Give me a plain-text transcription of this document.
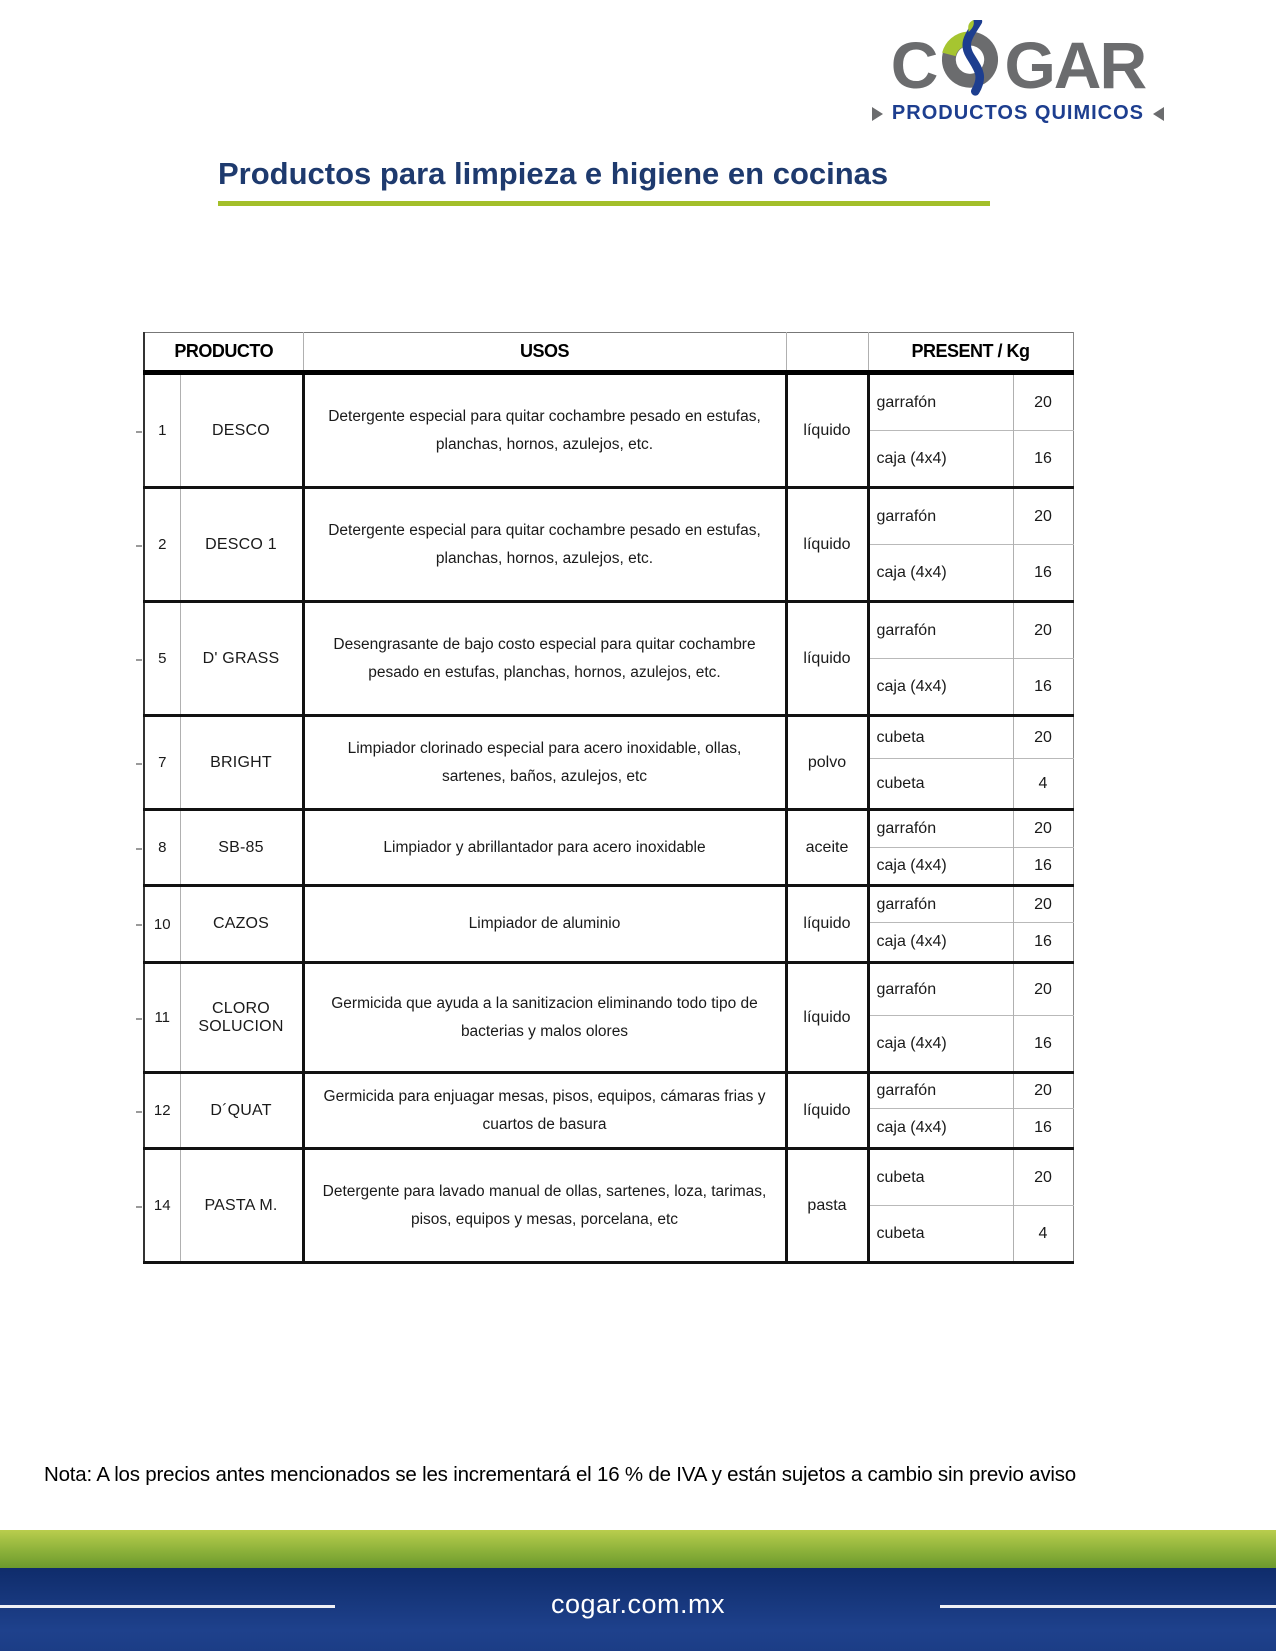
C GAR
PRODUCTOS QUIMICOS
Productos para limpieza e higiene en cocinas
PRODUCTO		USOS		PRESENT / Kg	
1	DESCO	Detergente especial para quitar cochambre pesado en estufas, planchas, hornos, azulejos, etc.	líquido	garrafón	20
				caja (4x4)	16
2	DESCO 1	Detergente especial para quitar cochambre pesado en estufas, planchas, hornos, azulejos, etc.	líquido	garrafón	20
				caja (4x4)	16
5	D' GRASS	Desengrasante de bajo costo especial para quitar cochambre pesado en estufas, planchas, hornos, azulejos, etc.	líquido	garrafón	20
				caja (4x4)	16
7	BRIGHT	Limpiador clorinado especial para acero inoxidable, ollas, sartenes, baños, azulejos, etc	polvo	cubeta	20
				cubeta	4
8	SB-85	Limpiador y abrillantador para acero inoxidable	aceite	garrafón	20
				caja (4x4)	16
10	CAZOS	Limpiador de aluminio	líquido	garrafón	20
				caja (4x4)	16
11	CLORO SOLUCION	Germicida que ayuda a la sanitizacion eliminando todo tipo de bacterias y malos olores	líquido	garrafón	20
				caja (4x4)	16
12	D´QUAT	Germicida para enjuagar mesas, pisos, equipos, cámaras frias y cuartos de basura	líquido	garrafón	20
				caja (4x4)	16
14	PASTA M.	Detergente para lavado manual de ollas, sartenes, loza, tarimas, pisos, equipos y mesas, porcelana, etc	pasta	cubeta	20
				cubeta	4
Nota: A los precios antes mencionados se les incrementará el 16 % de IVA y están sujetos a cambio sin previo aviso
cogar.com.mx
